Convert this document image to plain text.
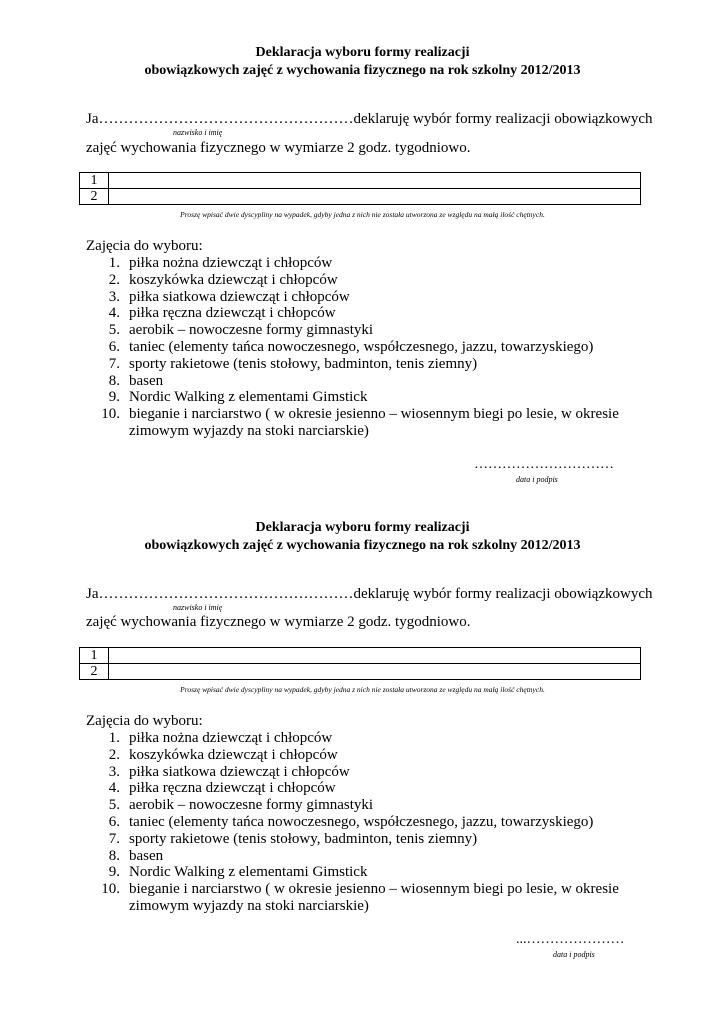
Deklaracja wyboru formy realizacji
obowiązkowych zajęć z wychowania fizycznego na rok szkolny 2012/2013
Ja……………………………………………deklaruję wybór formy realizacji obowiązkowych
nazwisko i imię
zajęć wychowania fizycznego w wymiarze 2 godz. tygodniowo.
1	
2	
Proszę wpisać dwie dyscypliny na wypadek, gdyby jedna z nich nie została utworzona ze względu na małą ilość chętnych.
Zajęcia do wyboru:
1. piłka nożna dziewcząt i chłopców
2. koszykówka dziewcząt i chłopców
3. piłka siatkowa dziewcząt i chłopców
4. piłka ręczna dziewcząt i chłopców
5. aerobik – nowoczesne formy gimnastyki
6. taniec (elementy tańca nowoczesnego, współczesnego, jazzu, towarzyskiego)
7. sporty rakietowe (tenis stołowy, badminton, tenis ziemny)
8. basen
9. Nordic Walking z elementami Gimstick
10. bieganie i narciarstwo ( w okresie jesienno – wiosennym biegi po lesie, w okresie zimowym wyjazdy na stoki narciarskie)
…………………………
data i podpis
Deklaracja wyboru formy realizacji
obowiązkowych zajęć z wychowania fizycznego na rok szkolny 2012/2013
Ja……………………………………………deklaruję wybór formy realizacji obowiązkowych
nazwisko i imię
zajęć wychowania fizycznego w wymiarze 2 godz. tygodniowo.
1	
2	
Proszę wpisać dwie dyscypliny na wypadek, gdyby jedna z nich nie została utworzona ze względu na małą ilość chętnych.
Zajęcia do wyboru:
1. piłka nożna dziewcząt i chłopców
2. koszykówka dziewcząt i chłopców
3. piłka siatkowa dziewcząt i chłopców
4. piłka ręczna dziewcząt i chłopców
5. aerobik – nowoczesne formy gimnastyki
6. taniec (elementy tańca nowoczesnego, współczesnego, jazzu, towarzyskiego)
7. sporty rakietowe (tenis stołowy, badminton, tenis ziemny)
8. basen
9. Nordic Walking z elementami Gimstick
10. bieganie i narciarstwo ( w okresie jesienno – wiosennym biegi po lesie, w okresie zimowym wyjazdy na stoki narciarskie)
...…………………
data i podpis
